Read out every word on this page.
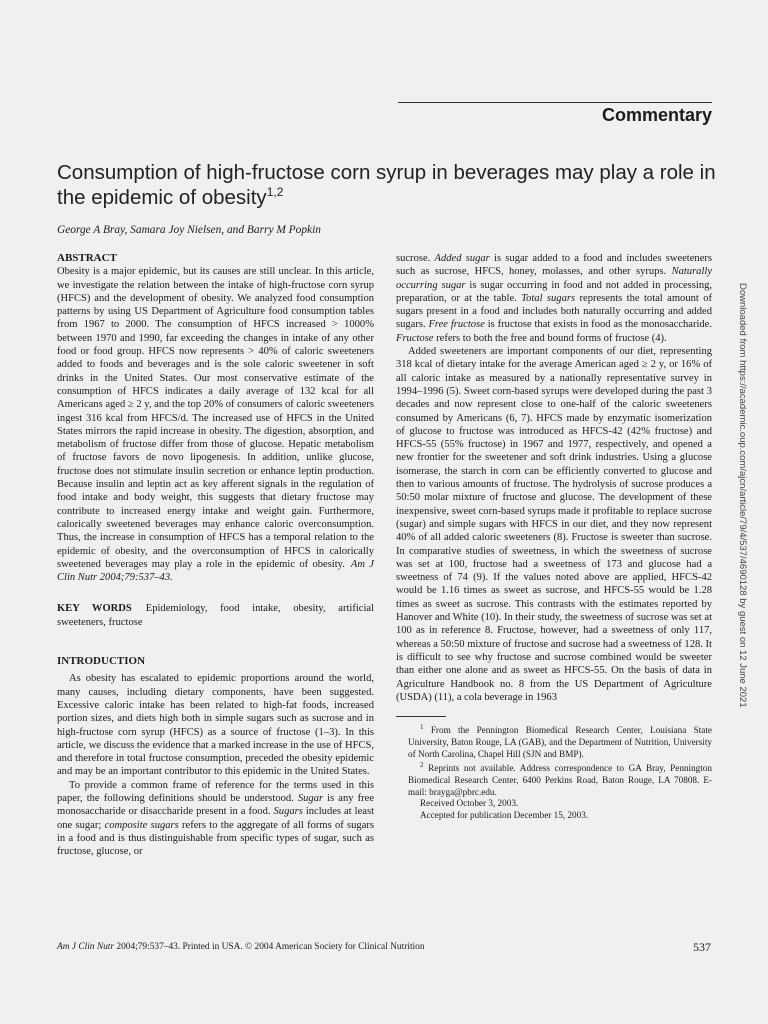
Commentary
Consumption of high-fructose corn syrup in beverages may play a role in the epidemic of obesity$^{1,2}$
George A Bray, Samara Joy Nielsen, and Barry M Popkin
ABSTRACT

Obesity is a major epidemic, but its causes are still unclear. In this article, we investigate the relation between the intake of high-fructose corn syrup (HFCS) and the development of obesity. We analyzed food consumption patterns by using US Department of Agriculture food consumption tables from 1967 to 2000. The consumption of HFCS increased > 1000% between 1970 and 1990, far exceeding the changes in intake of any other food or food group. HFCS now represents > 40% of caloric sweeteners added to foods and beverages and is the sole caloric sweetener in soft drinks in the United States. Our most conservative estimate of the consumption of HFCS indicates a daily average of 132 kcal for all Americans aged ≥ 2 y, and the top 20% of consumers of caloric sweeteners ingest 316 kcal from HFCS/d. The increased use of HFCS in the United States mirrors the rapid increase in obesity. The digestion, absorption, and metabolism of fructose differ from those of glucose. Hepatic metabolism of fructose favors de novo lipogenesis. In addition, unlike glucose, fructose does not stimulate insulin secretion or enhance leptin production. Because insulin and leptin act as key afferent signals in the regulation of food intake and body weight, this suggests that dietary fructose may contribute to increased energy intake and weight gain. Furthermore, calorically sweetened beverages may enhance caloric overconsumption. Thus, the increase in consumption of HFCS has a temporal relation to the epidemic of obesity, and the overconsumption of HFCS in calorically sweetened beverages may play a role in the epidemic of obesity. Am J Clin Nutr 2004;79:537–43.

KEY WORDS Epidemiology, food intake, obesity, artificial sweeteners, fructose

INTRODUCTION

As obesity has escalated to epidemic proportions around the world, many causes, including dietary components, have been suggested. Excessive caloric intake has been related to high-fat foods, increased portion sizes, and diets high both in simple sugars such as sucrose and in high-fructose corn syrup (HFCS) as a source of fructose (1–3). In this article, we discuss the evidence that a marked increase in the use of HFCS, and therefore in total fructose consumption, preceded the obesity epidemic and may be an important contributor to this epidemic in the United States.

To provide a common frame of reference for the terms used in this paper, the following definitions should be understood. Sugar is any free monosaccharide or disaccharide present in a food. Sugars includes at least one sugar; composite sugars refers to the aggregate of all forms of sugars in a food and is thus distinguishable from specific types of sugar, such as fructose, glucose, or

sucrose. Added sugar is sugar added to a food and includes sweeteners such as sucrose, HFCS, honey, molasses, and other syrups. Naturally occurring sugar is sugar occurring in food and not added in processing, preparation, or at the table. Total sugars represents the total amount of sugars present in a food and includes both naturally occurring and added sugars. Free fructose is fructose that exists in food as the monosaccharide. Fructose refers to both the free and bound forms of fructose (4).

Added sweeteners are important components of our diet, representing 318 kcal of dietary intake for the average American aged ≥ 2 y, or 16% of all caloric intake as measured by a nationally representative survey in 1994–1996 (5). Sweet corn-based syrups were developed during the past 3 decades and now represent close to one-half of the caloric sweeteners consumed by Americans (6, 7). HFCS made by enzymatic isomerization of glucose to fructose was introduced as HFCS-42 (42% fructose) and HFCS-55 (55% fructose) in 1967 and 1977, respectively, and opened a new frontier for the sweetener and soft drink industries. Using a glucose isomerase, the starch in corn can be efficiently converted to glucose and then to various amounts of fructose. The hydrolysis of sucrose produces a 50:50 molar mixture of fructose and glucose. The development of these inexpensive, sweet corn-based syrups made it profitable to replace sucrose (sugar) and simple sugars with HFCS in our diet, and they now represent 40% of all added caloric sweeteners (8). Fructose is sweeter than sucrose. In comparative studies of sweetness, in which the sweetness of sucrose was set at 100, fructose had a sweetness of 173 and glucose had a sweetness of 74 (9). If the values noted above are applied, HFCS-42 would be 1.16 times as sweet as sucrose, and HFCS-55 would be 1.28 times as sweet as sucrose. This contrasts with the estimates reported by Hanover and White (10). In their study, the sweetness of sucrose was set at 100 as in reference 8. Fructose, however, had a sweetness of only 117, whereas a 50:50 mixture of fructose and sucrose had a sweetness of 128. It is difficult to see why fructose and sucrose combined would be sweeter than either one alone and as sweet as HFCS-55. On the basis of data in Agriculture Handbook no. 8 from the US Department of Agriculture (USDA) (11), a cola beverage in 1963

$^1$ From the Pennington Biomedical Research Center, Louisiana State University, Baton Rouge, LA (GAB), and the Department of Nutrition, University of North Carolina, Chapel Hill (SJN and BMP).

$^2$ Reprints not available. Address correspondence to GA Bray, Pennington Biomedical Research Center, 6400 Perkins Road, Baton Rouge, LA 70808. E-mail: brayga@pbrc.edu.

Received October 3, 2003.

Accepted for publication December 15, 2003.

Am J Clin Nutr 2004;79:537–43. Printed in USA. © 2004 American Society for Clinical Nutrition	537
Downloaded from https://academic.oup.com/ajcn/article/79/4/537/4690128 by guest on 12 June 2021
